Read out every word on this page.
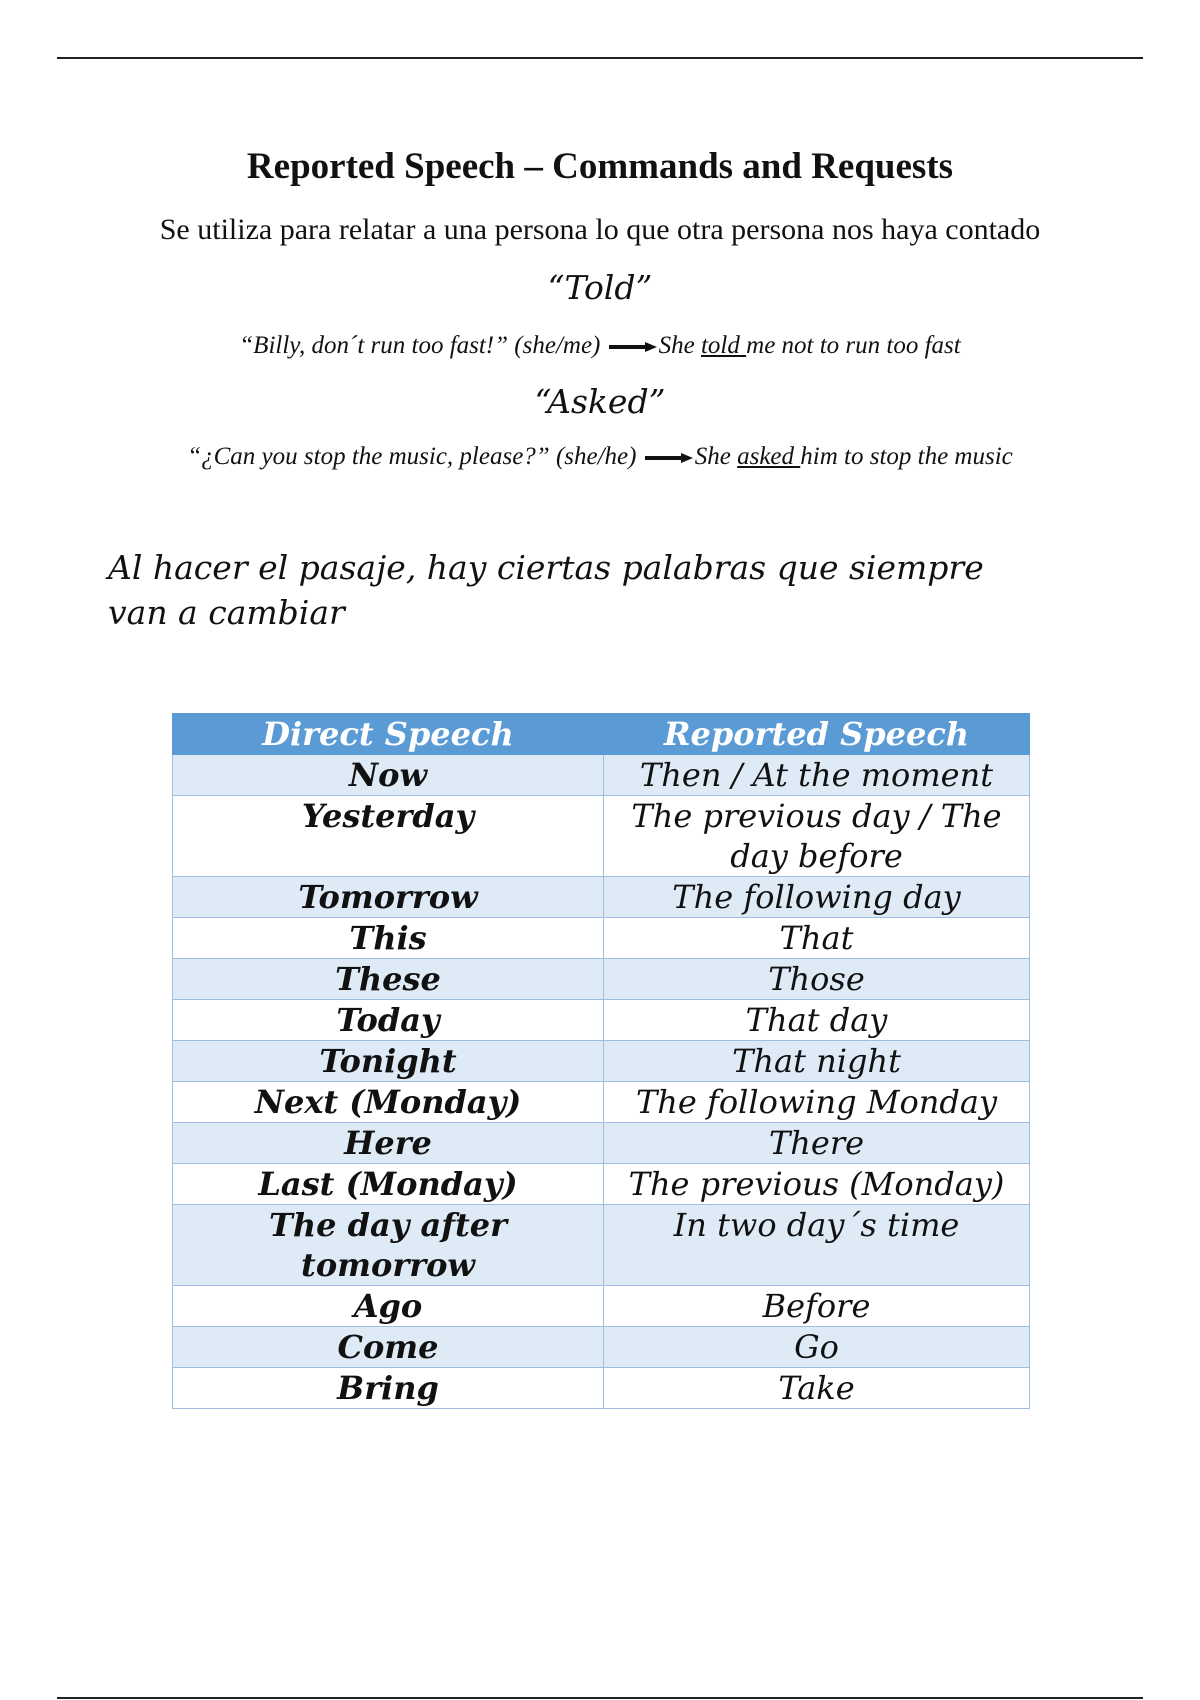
Reported Speech – Commands and Requests
Se utiliza para relatar a una persona lo que otra persona nos haya contado
“Told”
“Billy, don´t run too fast!” (she/me) She told me not to run too fast
“Asked”
“¿Can you stop the music, please?” (she/he) She asked him to stop the music
Al hacer el pasaje, hay ciertas palabras que siempre van a cambiar
Direct Speech	Reported Speech
Now	Then / At the moment
Yesterday	The previous day / The day before
Tomorrow	The following day
This	That
These	Those
Today	That day
Tonight	That night
Next (Monday)	The following Monday
Here	There
Last (Monday)	The previous (Monday)
The day after tomorrow	In two day´s time
Ago	Before
Come	Go
Bring	Take
